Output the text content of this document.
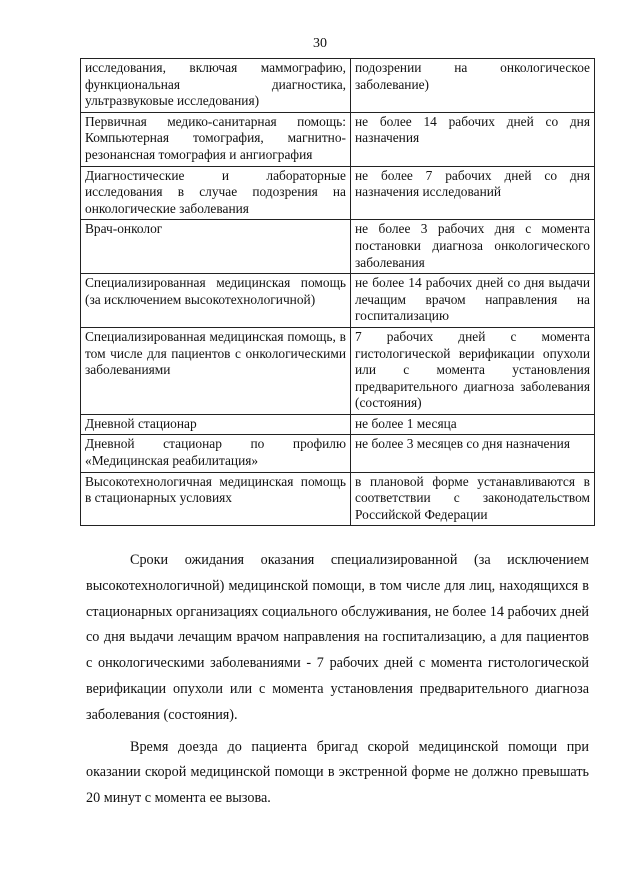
30
исследования, включая маммографию, функциональная диагностика, ультразвуковые исследования)	подозрении на онкологическое заболевание)
Первичная медико-санитарная помощь: Компьютерная томография, магнитно-резонансная томография и ангиография	не более 14 рабочих дней со дня назначения
Диагностические и лабораторные исследования в случае подозрения на онкологические заболевания	не более 7 рабочих дней со дня назначения исследований
Врач-онколог	не более 3 рабочих дня с момента постановки диагноза онкологического заболевания
Специализированная медицинская помощь (за исключением высокотехнологичной)	не более 14 рабочих дней со дня выдачи лечащим врачом направления на госпитализацию
Специализированная медицинская помощь, в том числе для пациентов с онкологическими заболеваниями	7 рабочих дней с момента гистологической верификации опухоли или с момента установления предварительного диагноза заболевания (состояния)
Дневной стационар	не более 1 месяца
Дневной стационар по профилю «Медицинская реабилитация»	не более 3 месяцев со дня назначения
Высокотехнологичная медицинская помощь в стационарных условиях	в плановой форме устанавливаются в соответствии с законодательством Российской Федерации

Сроки ожидания оказания специализированной (за исключением высокотехнологичной) медицинской помощи, в том числе для лиц, находящихся в стационарных организациях социального обслуживания, не более 14 рабочих дней со дня выдачи лечащим врачом направления на госпитализацию, а для пациентов с онкологическими заболеваниями - 7 рабочих дней с момента гистологической верификации опухоли или с момента установления предварительного диагноза заболевания (состояния).

Время доезда до пациента бригад скорой медицинской помощи при оказании скорой медицинской помощи в экстренной форме не должно превышать 20 минут с момента ее вызова.
